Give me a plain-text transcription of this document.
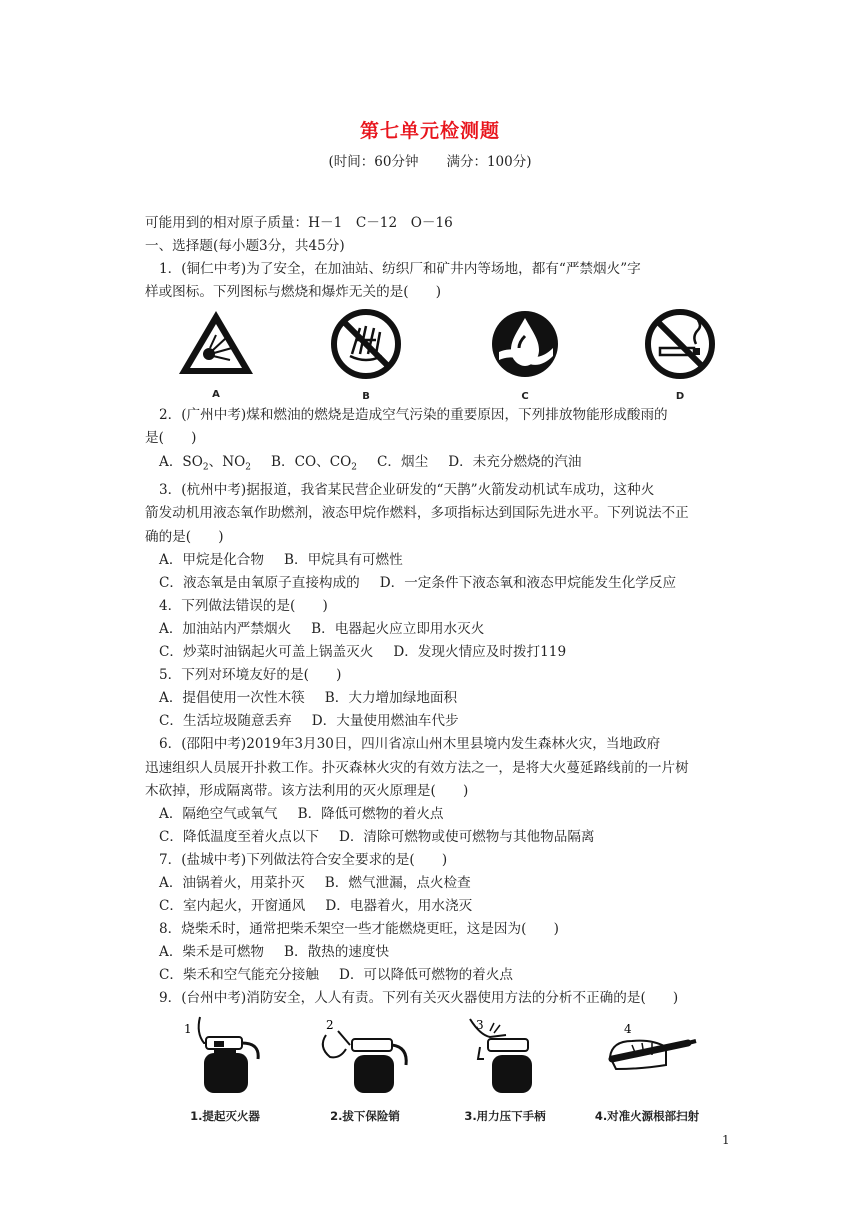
第七单元检测题
(时间：60分钟 满分：100分)

可能用到的相对原子质量：H－1　C－12　O－16

一、选择题(每小题3分，共45分)

1．(铜仁中考)为了安全，在加油站、纺织厂和矿井内等场地，都有“严禁烟火”字

样或图标。下列图标与燃烧和爆炸无关的是(　　)

A	B	C	D

2．(广州中考)煤和燃油的燃烧是造成空气污染的重要原因，下列排放物能形成酸雨的

是(　　)

A．$SO_2$、$NO_2$ B．CO、$CO_2$ C．烟尘 D．未充分燃烧的汽油

3．(杭州中考)据报道，我省某民营企业研发的“天鹊”火箭发动机试车成功，这种火

箭发动机用液态氧作助燃剂，液态甲烷作燃料，多项指标达到国际先进水平。下列说法不正

确的是(　　)

A．甲烷是化合物 B．甲烷具有可燃性

C．液态氧是由氧原子直接构成的 D．一定条件下液态氧和液态甲烷能发生化学反应

4．下列做法错误的是(　　)

A．加油站内严禁烟火 B．电器起火应立即用水灭火

C．炒菜时油锅起火可盖上锅盖灭火 D．发现火情应及时拨打119

5．下列对环境友好的是(　　)

A．提倡使用一次性木筷 B．大力增加绿地面积

C．生活垃圾随意丢弃 D．大量使用燃油车代步

6．(邵阳中考)2019年3月30日，四川省凉山州木里县境内发生森林火灾，当地政府

迅速组织人员展开扑救工作。扑灭森林火灾的有效方法之一，是将大火蔓延路线前的一片树

木砍掉，形成隔离带。该方法利用的灭火原理是(　　)

A．隔绝空气或氧气 B．降低可燃物的着火点

C．降低温度至着火点以下 D．清除可燃物或使可燃物与其他物品隔离

7．(盐城中考)下列做法符合安全要求的是(　　)

A．油锅着火，用菜扑灭 B．燃气泄漏，点火检查

C．室内起火，开窗通风 D．电器着火，用水浇灭

8．烧柴禾时，通常把柴禾架空一些才能燃烧更旺，这是因为(　　)

A．柴禾是可燃物 B．散热的速度快

C．柴禾和空气能充分接触 D．可以降低可燃物的着火点

9．(台州中考)消防安全，人人有责。下列有关灭火器使用方法的分析不正确的是(　　)

1
1.提起灭火器
2
2.拔下保险销
3
3.用力压下手柄
4
4.对准火源根部扫射
1
